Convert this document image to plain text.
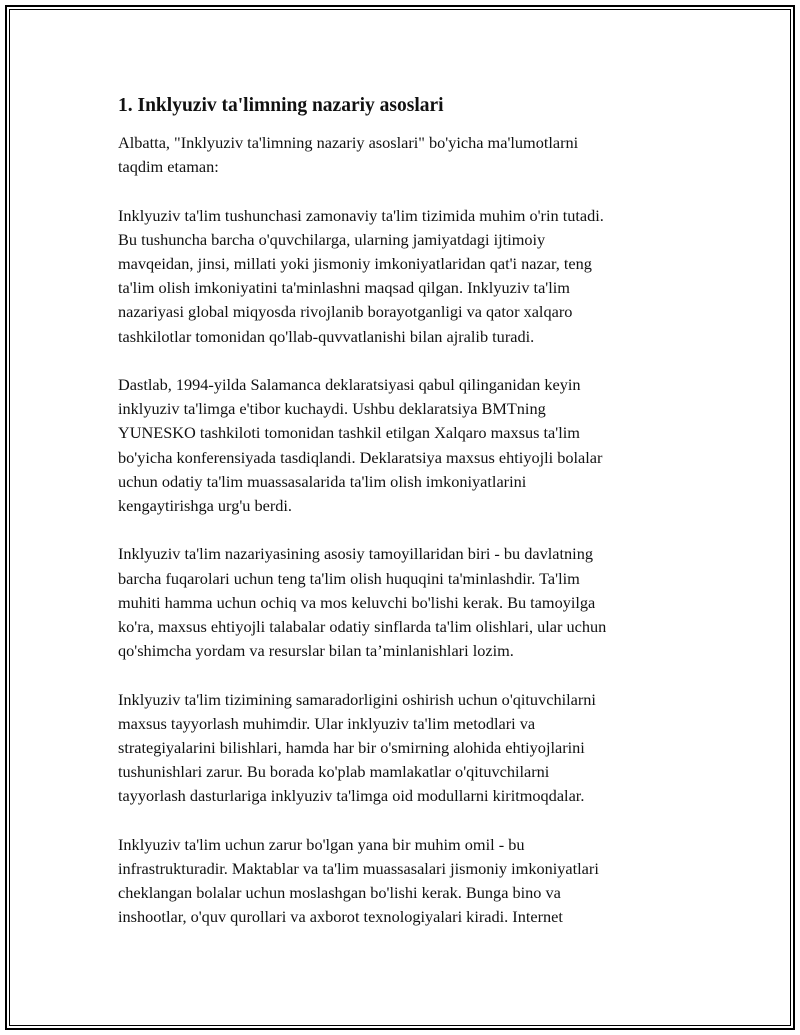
1. Inklyuziv ta'limning nazariy asoslari

Albatta, "Inklyuziv ta'limning nazariy asoslari" bo'yicha ma'lumotlarni
taqdim etaman:

Inklyuziv ta'lim tushunchasi zamonaviy ta'lim tizimida muhim o'rin tutadi.
Bu tushuncha barcha o'quvchilarga, ularning jamiyatdagi ijtimoiy
mavqeidan, jinsi, millati yoki jismoniy imkoniyatlaridan qat'i nazar, teng
ta'lim olish imkoniyatini ta'minlashni maqsad qilgan. Inklyuziv ta'lim
nazariyasi global miqyosda rivojlanib borayotganligi va qator xalqaro
tashkilotlar tomonidan qo'llab-quvvatlanishi bilan ajralib turadi.

Dastlab, 1994-yilda Salamanca deklaratsiyasi qabul qilinganidan keyin
inklyuziv ta'limga e'tibor kuchaydi. Ushbu deklaratsiya BMTning
YUNESKO tashkiloti tomonidan tashkil etilgan Xalqaro maxsus ta'lim
bo'yicha konferensiyada tasdiqlandi. Deklaratsiya maxsus ehtiyojli bolalar
uchun odatiy ta'lim muassasalarida ta'lim olish imkoniyatlarini
kengaytirishga urg'u berdi.

Inklyuziv ta'lim nazariyasining asosiy tamoyillaridan biri - bu davlatning
barcha fuqarolari uchun teng ta'lim olish huquqini ta'minlashdir. Ta'lim
muhiti hamma uchun ochiq va mos keluvchi bo'lishi kerak. Bu tamoyilga
ko'ra, maxsus ehtiyojli talabalar odatiy sinflarda ta'lim olishlari, ular uchun
qo'shimcha yordam va resurslar bilan ta’minlanishlari lozim.

Inklyuziv ta'lim tizimining samaradorligini oshirish uchun o'qituvchilarni
maxsus tayyorlash muhimdir. Ular inklyuziv ta'lim metodlari va
strategiyalarini bilishlari, hamda har bir o'smirning alohida ehtiyojlarini
tushunishlari zarur. Bu borada ko'plab mamlakatlar o'qituvchilarni
tayyorlash dasturlariga inklyuziv ta'limga oid modullarni kiritmoqdalar.

Inklyuziv ta'lim uchun zarur bo'lgan yana bir muhim omil - bu
infrastrukturadir. Maktablar va ta'lim muassasalari jismoniy imkoniyatlari
cheklangan bolalar uchun moslashgan bo'lishi kerak. Bunga bino va
inshootlar, o'quv qurollari va axborot texnologiyalari kiradi. Internet
